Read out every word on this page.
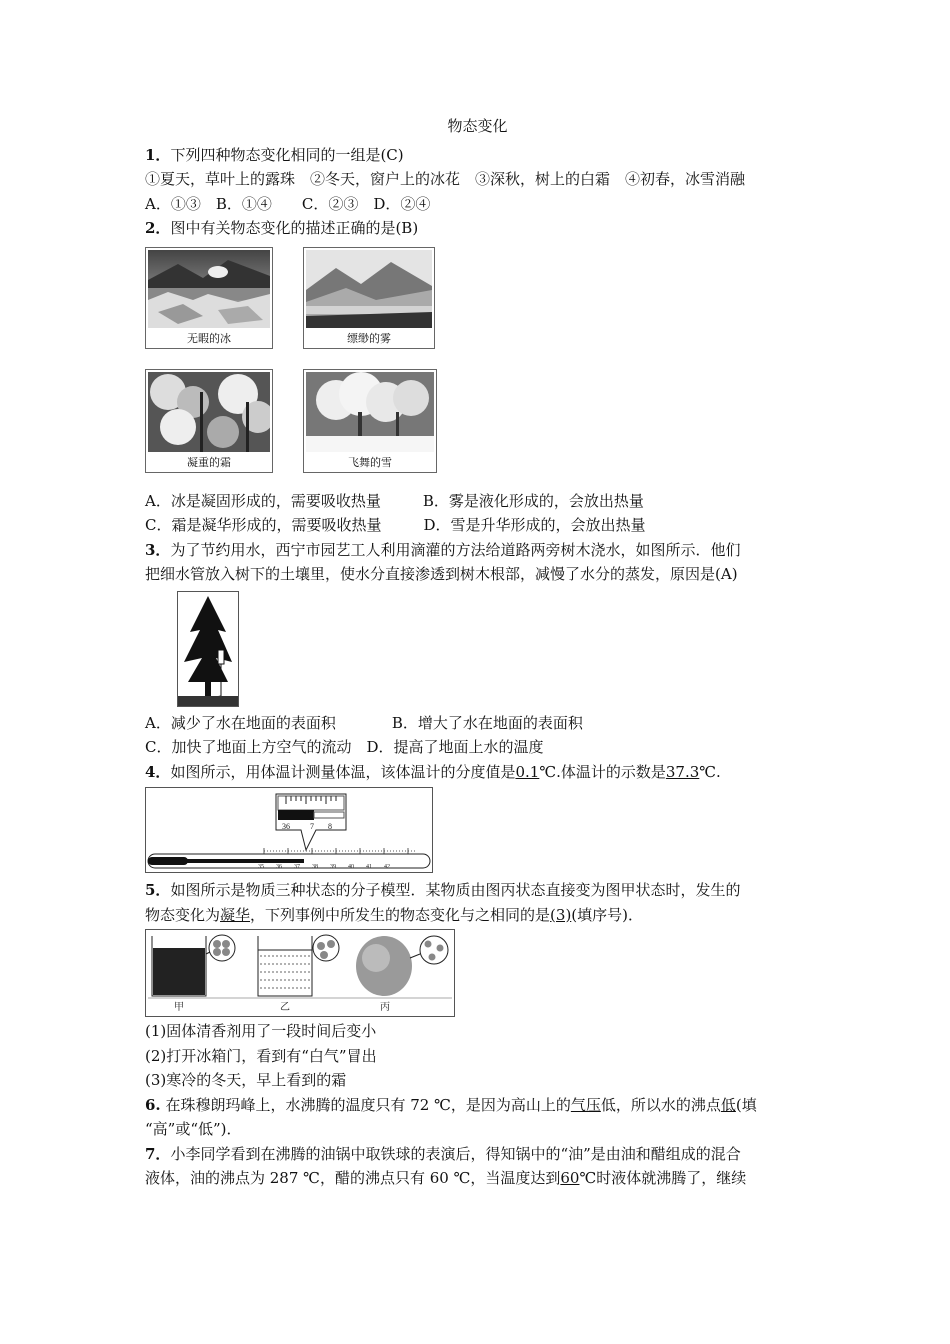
物态变化
1．下列四种物态变化相同的一组是(C)
①夏天，草叶上的露珠　②冬天，窗户上的冰花　③深秋，树上的白霜　④初春，冰雪消融
A．①③　B．①④　　C．②③　D．②④
2．图中有关物态变化的描述正确的是(B)
无暇的冰	缥缈的雾
凝重的霜	飞舞的雪
A．冰是凝固形成的，需要吸收热量	B．雾是液化形成的，会放出热量
C．霜是凝华形成的，需要吸收热量	D．雪是升华形成的，会放出热量
3．为了节约用水，西宁市园艺工人利用滴灌的方法给道路两旁树木浇水，如图所示．他们
把细水管放入树下的土壤里，使水分直接渗透到树木根部，减慢了水分的蒸发，原因是(A)
A．减少了水在地面的表面积	B．增大了水在地面的表面积
C．加快了地面上方空气的流动　D．提高了地面上水的温度
4．如图所示，用体温计测量体温，该体温计的分度值是0.1℃.体温计的示数是37.3℃.
36	7 8
35 36 37 38 39 40 41 42
5．如图所示是物质三种状态的分子模型．某物质由图丙状态直接变为图甲状态时，发生的
物态变化为凝华，下列事例中所发生的物态变化与之相同的是(3)(填序号)．
甲	乙	丙
(1)固体清香剂用了一段时间后变小
(2)打开冰箱门，看到有“白气”冒出
(3)寒冷的冬天，早上看到的霜
6. 在珠穆朗玛峰上，水沸腾的温度只有 72 ℃，是因为高山上的气压低，所以水的沸点低(填
“高”或“低”)．
7．小李同学看到在沸腾的油锅中取铁球的表演后，得知锅中的“油”是由油和醋组成的混合
液体，油的沸点为 287 ℃，醋的沸点只有 60 ℃，当温度达到60℃时液体就沸腾了，继续
